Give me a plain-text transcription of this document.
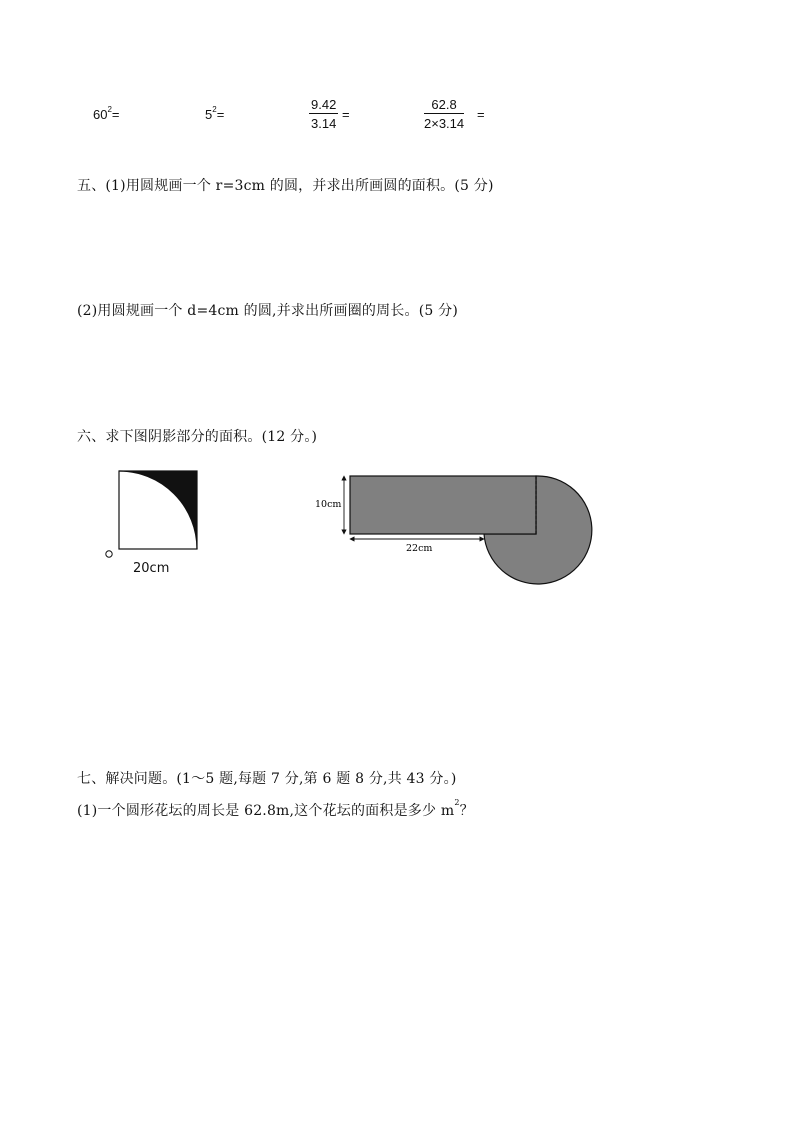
$60^2=$	$5^2=$	$\frac{9.42}{3.14}$ =	$\frac{62.8}{2\times 3.14}$ =
五、(1)用圆规画一个 r=3cm 的圆，并求出所画圆的面积。(5 分)
(2)用圆规画一个 d=4cm 的圆,并求出所画圈的周长。(5 分)
六、求下图阴影部分的面积。(12 分。)
20cm
10cm
22cm
七、解决问题。(1～5 题,每题 7 分,第 6 题 8 分,共 43 分。)
(1)一个圆形花坛的周长是 62.8m,这个花坛的面积是多少 $m^2$？
